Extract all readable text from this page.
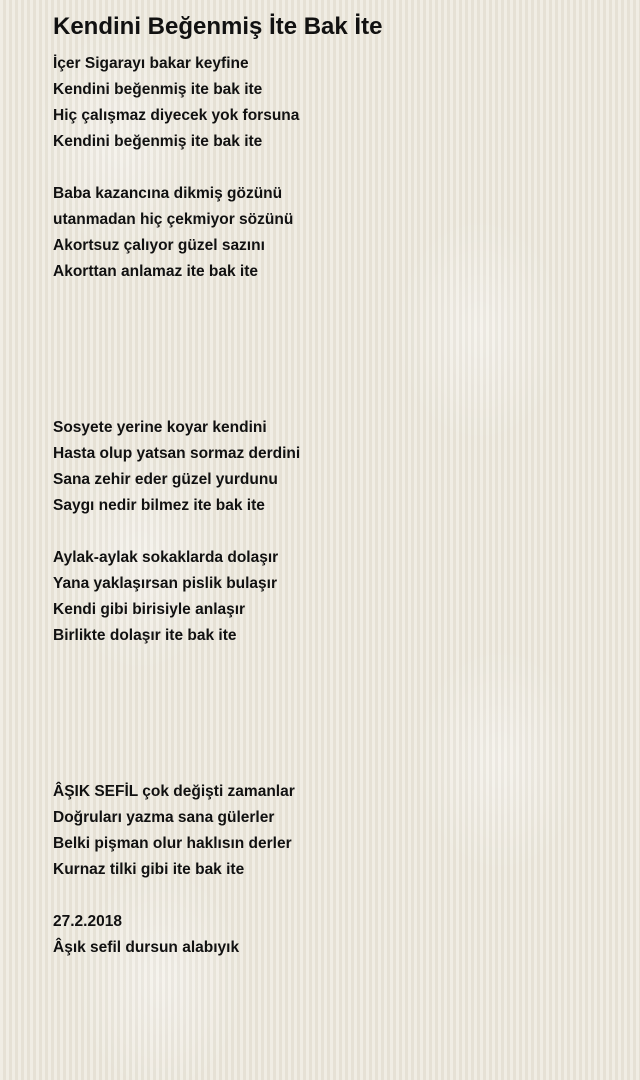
Kendini Beğenmiş İte Bak İte
İçer Sigarayı bakar keyfine
Kendini beğenmiş ite bak ite
Hiç çalışmaz diyecek yok forsuna
Kendini beğenmiş ite bak ite
Baba kazancına dikmiş gözünü
utanmadan hiç çekmiyor sözünü
Akortsuz çalıyor güzel sazını
Akorttan anlamaz ite bak ite
Sosyete yerine koyar kendini
Hasta olup yatsan sormaz derdini
Sana zehir eder güzel yurdunu
Saygı nedir bilmez ite bak ite
Aylak-aylak sokaklarda dolaşır
Yana yaklaşırsan pislik bulaşır
Kendi gibi birisiyle anlaşır
Birlikte dolaşır ite bak ite
ÂŞIK SEFİL çok değişti zamanlar
Doğruları yazma sana gülerler
Belki pişman olur haklısın derler
Kurnaz tilki gibi ite bak ite
27.2.2018
Âşık sefil dursun alabıyık
